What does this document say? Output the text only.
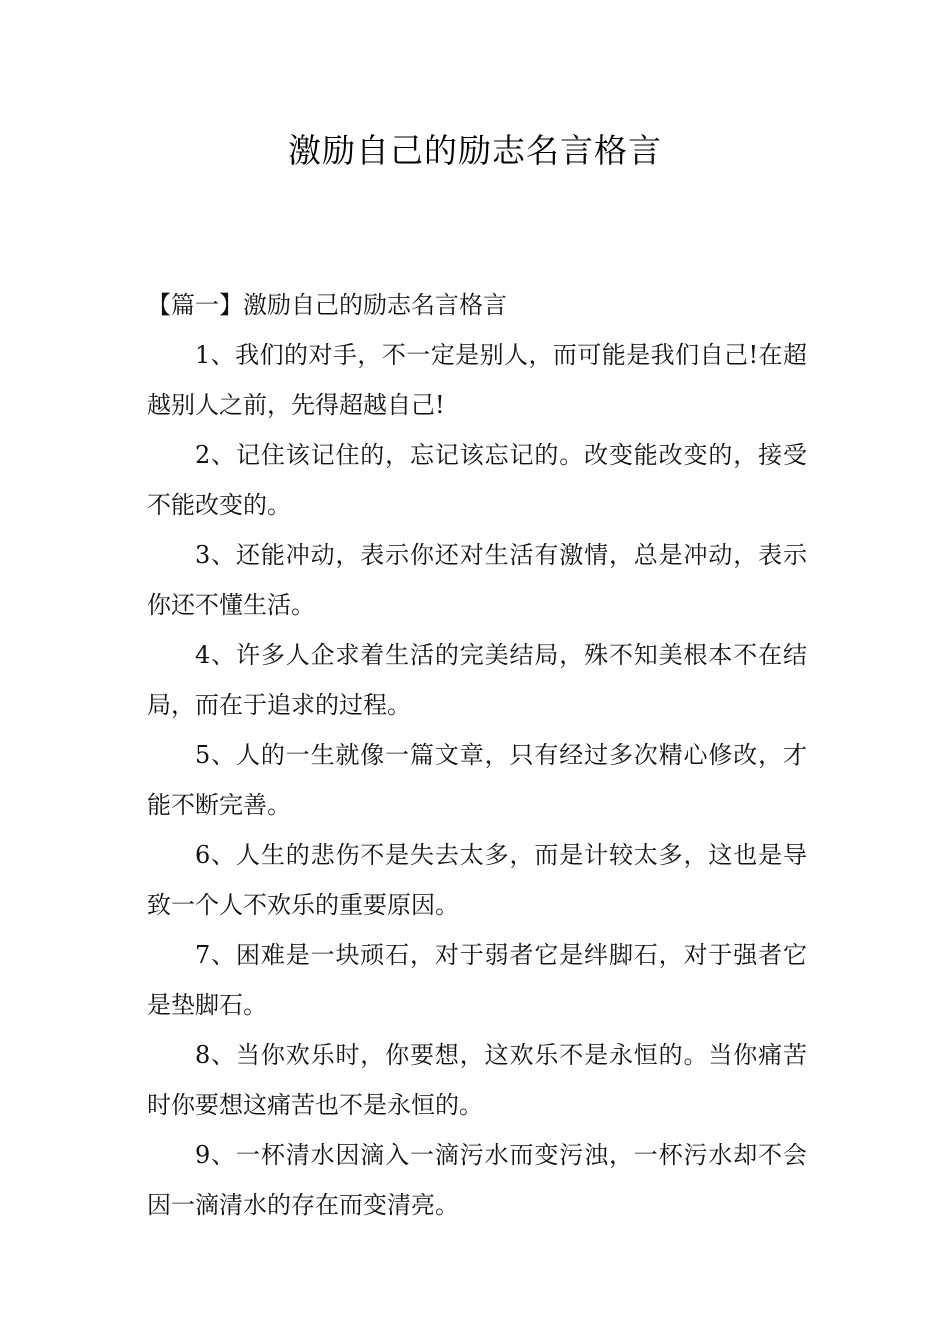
激励自己的励志名言格言

【篇一】激励自己的励志名言格言

1、我们的对手，不一定是别人，而可能是我们自己!在超越别人之前，先得超越自己!

2、记住该记住的，忘记该忘记的。改变能改变的，接受不能改变的。

3、还能冲动，表示你还对生活有激情，总是冲动，表示你还不懂生活。

4、许多人企求着生活的完美结局，殊不知美根本不在结局，而在于追求的过程。

5、人的一生就像一篇文章，只有经过多次精心修改，才能不断完善。

6、人生的悲伤不是失去太多，而是计较太多，这也是导致一个人不欢乐的重要原因。

7、困难是一块顽石，对于弱者它是绊脚石，对于强者它是垫脚石。

8、当你欢乐时，你要想，这欢乐不是永恒的。当你痛苦时你要想这痛苦也不是永恒的。

9、一杯清水因滴入一滴污水而变污浊，一杯污水却不会因一滴清水的存在而变清亮。
